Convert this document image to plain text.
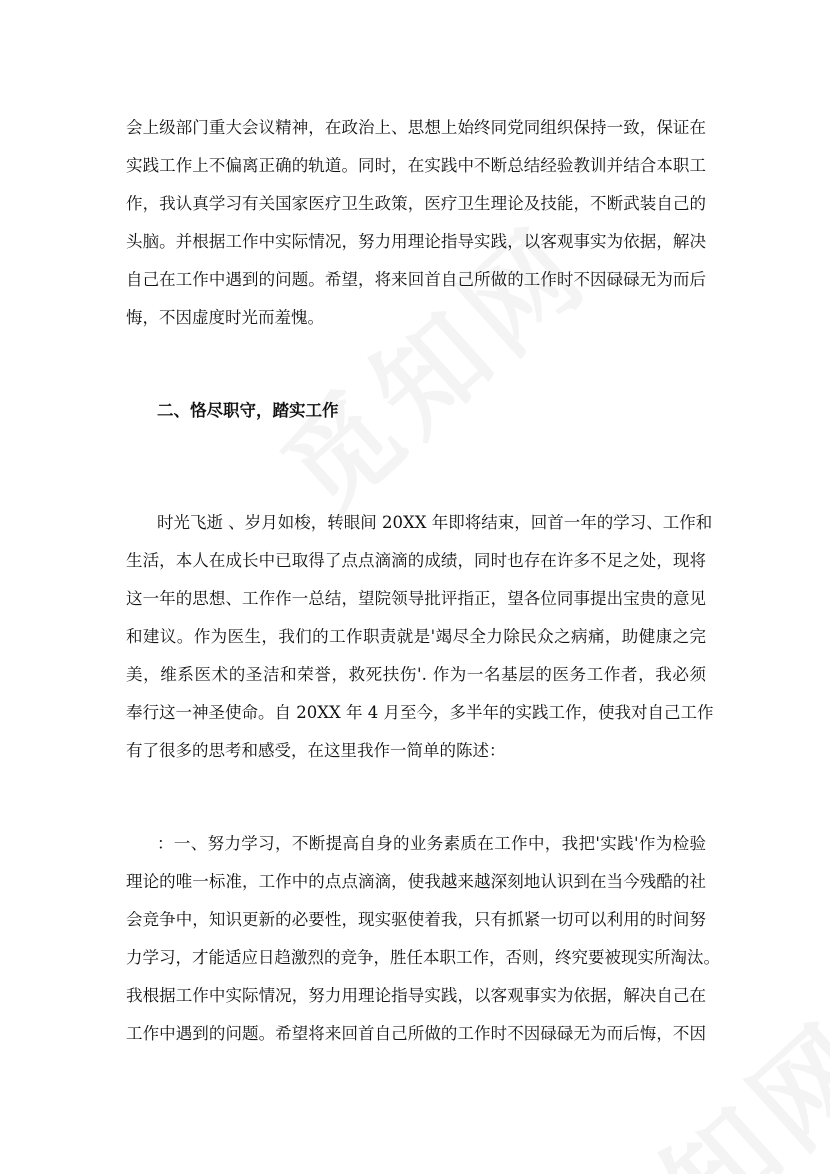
会上级部门重大会议精神，在政治上、思想上始终同党同组织保持一致，保证在
实践工作上不偏离正确的轨道。同时，在实践中不断总结经验教训并结合本职工
作，我认真学习有关国家医疗卫生政策，医疗卫生理论及技能，不断武装自己的
头脑。并根据工作中实际情况，努力用理论指导实践，以客观事实为依据，解决
自己在工作中遇到的问题。希望，将来回首自己所做的工作时不因碌碌无为而后
悔，不因虚度时光而羞愧。
二、恪尽职守，踏实工作
时光飞逝 、岁月如梭，转眼间 20XX 年即将结束，回首一年的学习、工作和
生活，本人在成长中已取得了点点滴滴的成绩，同时也存在许多不足之处，现将
这一年的思想、工作作一总结，望院领导批评指正，望各位同事提出宝贵的意见
和建议。作为医生，我们的工作职责就是'竭尽全力除民众之病痛，助健康之完
美，维系医术的圣洁和荣誉，救死扶伤'. 作为一名基层的医务工作者，我必须
奉行这一神圣使命。自 20XX 年 4 月至今，多半年的实践工作，使我对自己工作
有了很多的思考和感受，在这里我作一简单的陈述：
：一、努力学习，不断提高自身的业务素质在工作中，我把'实践'作为检验
理论的唯一标准，工作中的点点滴滴，使我越来越深刻地认识到在当今残酷的社
会竞争中，知识更新的必要性，现实驱使着我，只有抓紧一切可以利用的时间努
力学习，才能适应日趋激烈的竞争，胜任本职工作，否则，终究要被现实所淘汰。
我根据工作中实际情况，努力用理论指导实践，以客观事实为依据，解决自己在
工作中遇到的问题。希望将来回首自己所做的工作时不因碌碌无为而后悔，不因
